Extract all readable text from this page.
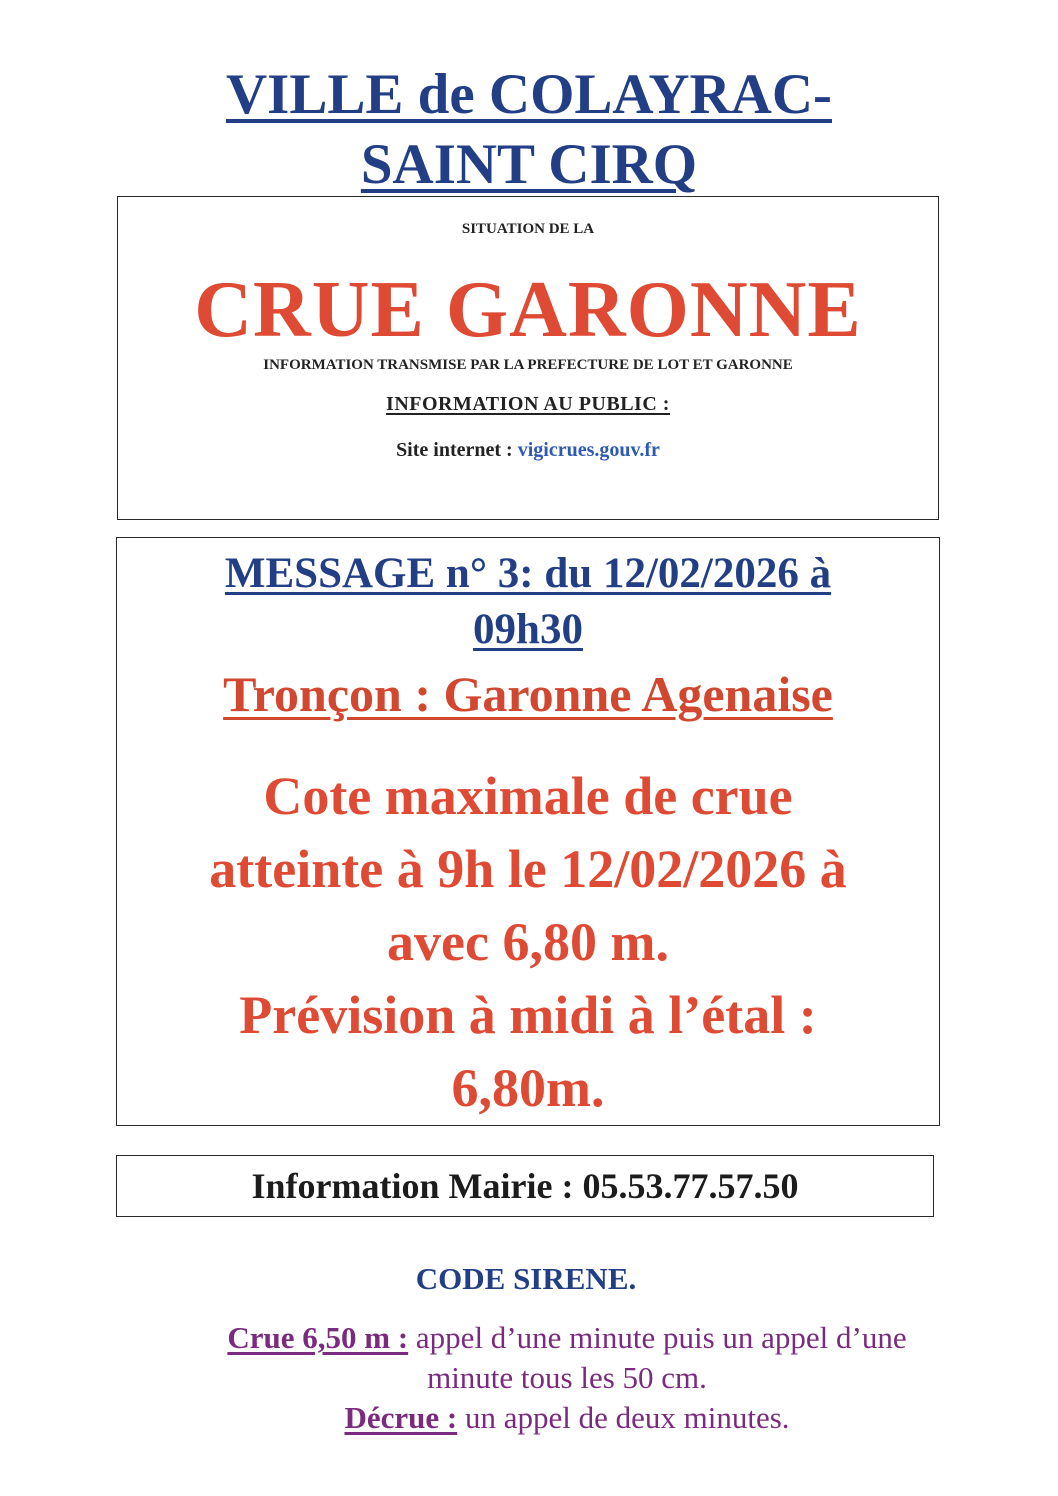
VILLE de COLAYRAC-
SAINT CIRQ
SITUATION DE LA
CRUE GARONNE
INFORMATION TRANSMISE PAR LA PREFECTURE DE LOT ET GARONNE
INFORMATION AU PUBLIC :
Site internet : vigicrues.gouv.fr
MESSAGE n° 3: du 12/02/2026 à
09h30
Tronçon : Garonne Agenaise
Cote maximale de crue
atteinte à 9h le 12/02/2026 à
avec 6,80 m.
Prévision à midi à l’étal :
6,80m.
Information Mairie : 05.53.77.57.50
CODE SIRENE.
Crue 6,50 m : appel d’une minute puis un appel d’une
minute tous les 50 cm.
Décrue : un appel de deux minutes.
